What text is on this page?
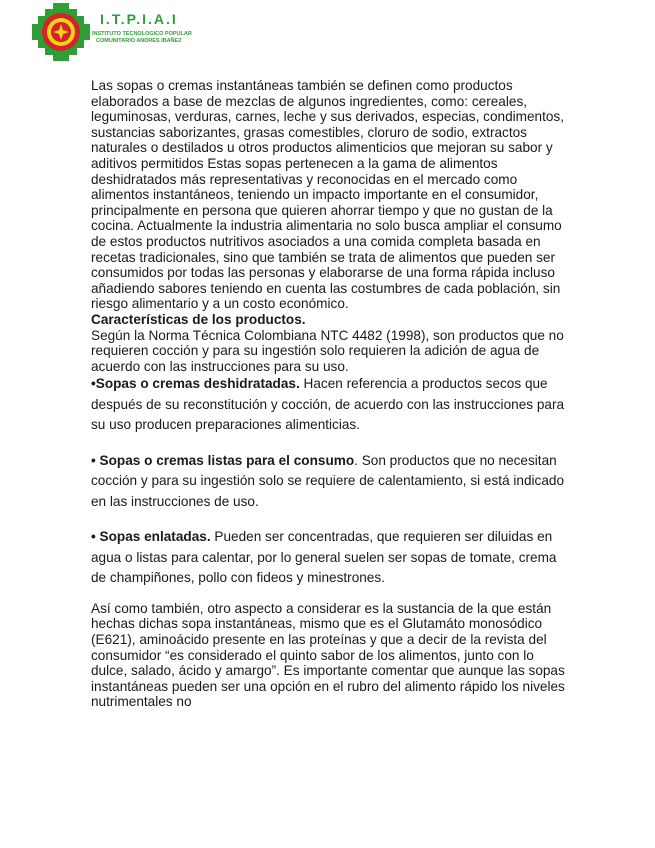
I.T.P.I.A.I
INSTITUTO TECNOLOGICO POPULAR
COMUNITARIO ANDRES IBAÑEZ

Las sopas o cremas instantáneas también se definen como productos elaborados a base de mezclas de algunos ingredientes, como: cereales, leguminosas, verduras, carnes, leche y sus derivados, especias, condimentos, sustancias saborizantes, grasas comestibles, cloruro de sodio, extractos naturales o destilados u otros productos alimenticios que mejoran su sabor y aditivos permitidos Estas sopas pertenecen a la gama de alimentos deshidratados más representativas y reconocidas en el mercado como alimentos instantáneos, teniendo un impacto importante en el consumidor, principalmente en persona que quieren ahorrar tiempo y que no gustan de la cocina. Actualmente la industria alimentaria no solo busca ampliar el consumo de estos productos nutritivos asociados a una comida completa basada en recetas tradicionales, sino que también se trata de alimentos que pueden ser consumidos por todas las personas y elaborarse de una forma rápida incluso añadiendo sabores teniendo en cuenta las costumbres de cada población, sin riesgo alimentario y a un costo económico.

Características de los productos.

Según la Norma Técnica Colombiana NTC 4482 (1998), son productos que no requieren cocción y para su ingestión solo requieren la adición de agua de acuerdo con las instrucciones para su uso.

•Sopas o cremas deshidratadas. Hacen referencia a productos secos que después de su reconstitución y cocción, de acuerdo con las instrucciones para su uso producen preparaciones alimenticias.

• Sopas o cremas listas para el consumo. Son productos que no necesitan cocción y para su ingestión solo se requiere de calentamiento, si está indicado en las instrucciones de uso.

• Sopas enlatadas. Pueden ser concentradas, que requieren ser diluidas en agua o listas para calentar, por lo general suelen ser sopas de tomate, crema de champiñones, pollo con fideos y minestrones.

Así como también, otro aspecto a considerar es la sustancia de la que están hechas dichas sopa instantáneas, mismo que es el Glutamáto monosódico (E621), aminoácido presente en las proteínas y que a decir de la revista del consumidor “es considerado el quinto sabor de los alimentos, junto con lo dulce, salado, ácido y amargo”. Es importante comentar que aunque las sopas instantáneas pueden ser una opción en el rubro del alimento rápido los niveles nutrimentales no
